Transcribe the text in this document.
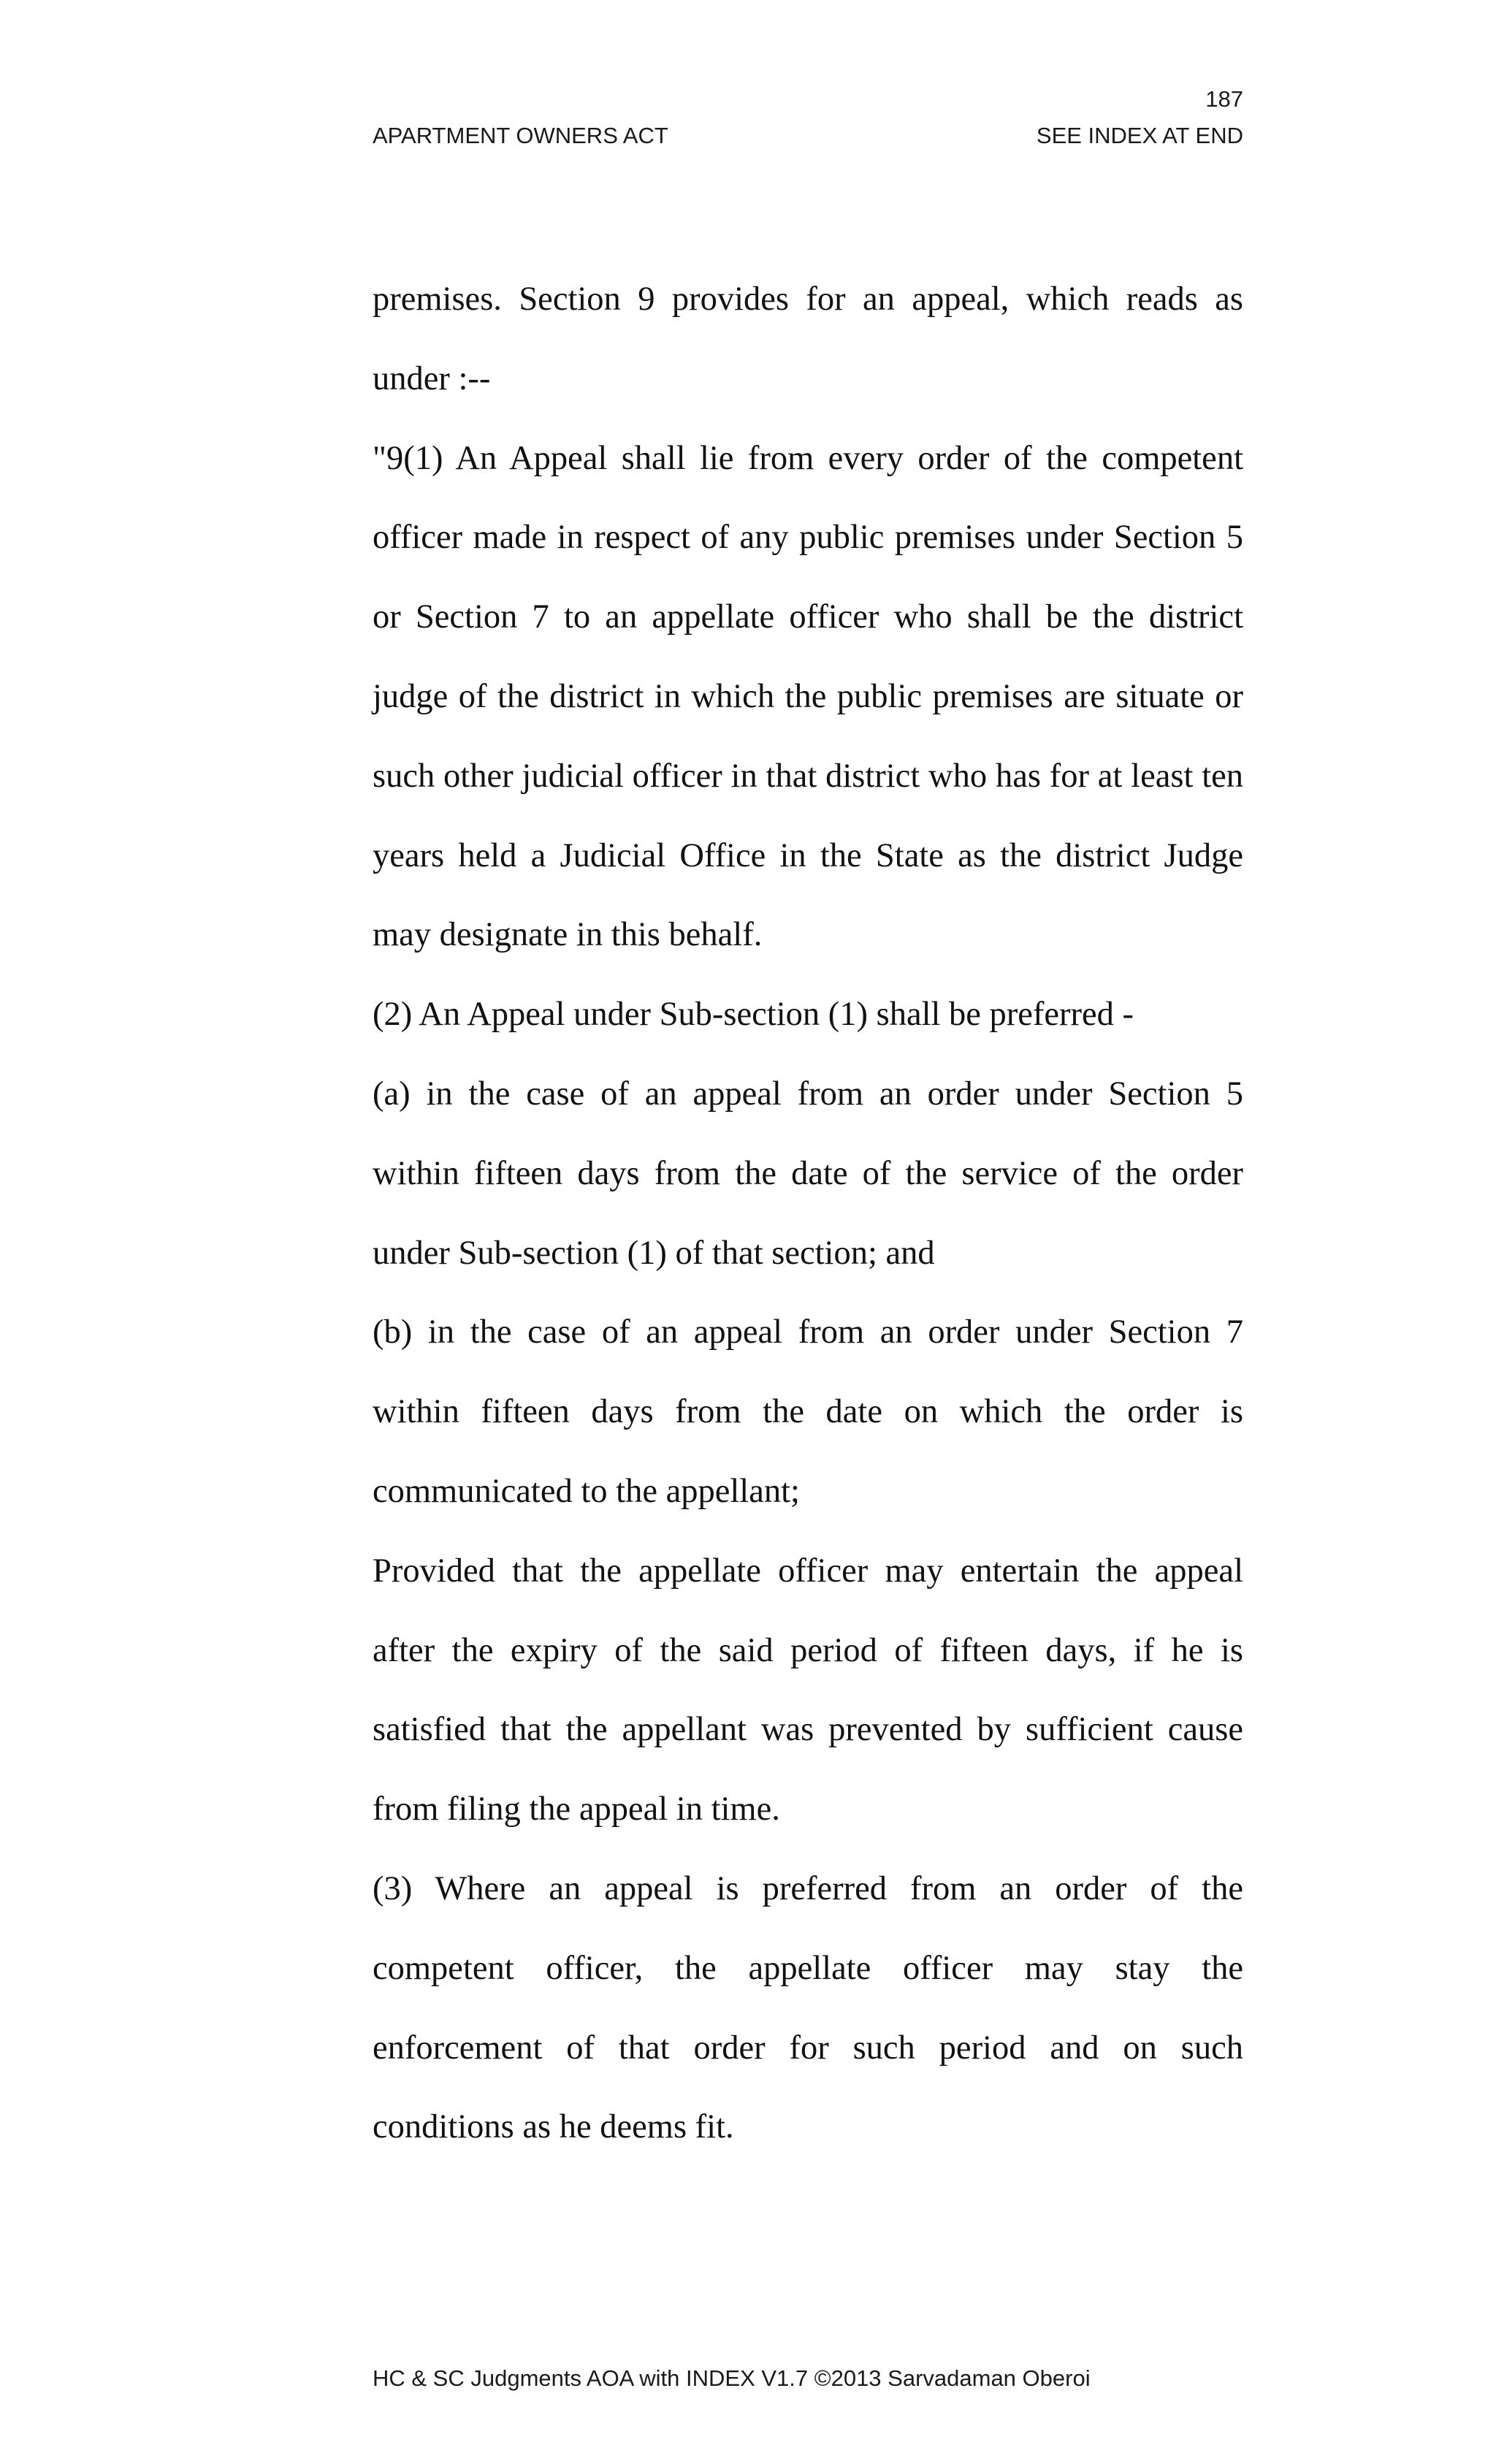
187
APARTMENT OWNERS ACT	SEE INDEX AT END

premises. Section 9 provides for an appeal, which reads as under :--

"9(1) An Appeal shall lie from every order of the competent officer made in respect of any public premises under Section 5 or Section 7 to an appellate officer who shall be the district judge of the district in which the public premises are situate or such other judicial officer in that district who has for at least ten years held a Judicial Office in the State as the district Judge may designate in this behalf.

(2) An Appeal under Sub-section (1) shall be preferred -

(a) in the case of an appeal from an order under Section 5 within fifteen days from the date of the service of the order under Sub-section (1) of that section; and

(b) in the case of an appeal from an order under Section 7 within fifteen days from the date on which the order is communicated to the appellant;

Provided that the appellate officer may entertain the appeal after the expiry of the said period of fifteen days, if he is satisfied that the appellant was prevented by sufficient cause from filing the appeal in time.

(3) Where an appeal is preferred from an order of the competent officer, the appellate officer may stay the enforcement of that order for such period and on such conditions as he deems fit.

HC & SC Judgments AOA with INDEX V1.7 ©2013 Sarvadaman Oberoi
